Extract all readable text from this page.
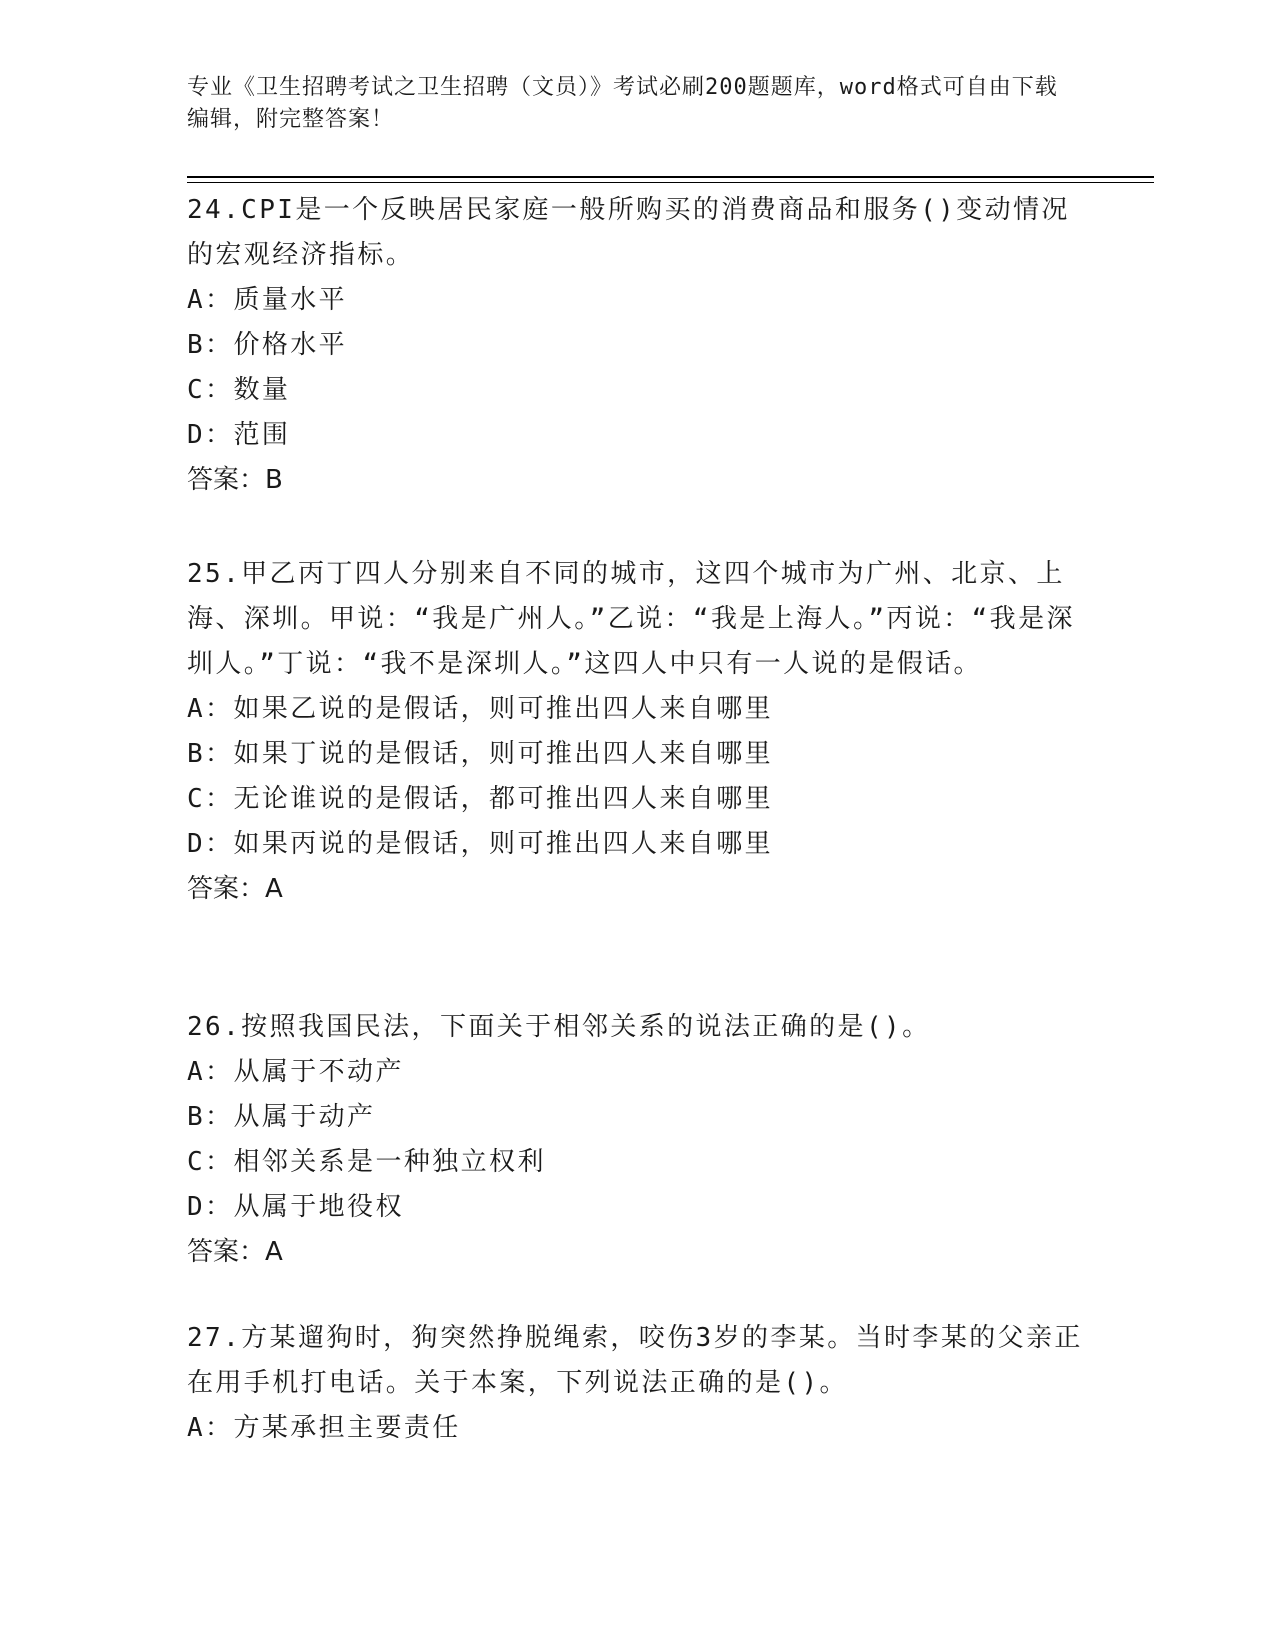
专业《卫生招聘考试之卫生招聘（文员）》考试必刷200题题库，word格式可自由下载编辑，附完整答案！

24.CPI是一个反映居民家庭一般所购买的消费商品和服务()变动情况的宏观经济指标。

A：质量水平

B：价格水平

C：数量

D：范围

答案：B

25.甲乙丙丁四人分别来自不同的城市，这四个城市为广州、北京、上海、深圳。甲说：“我是广州人。”乙说：“我是上海人。”丙说：“我是深圳人。”丁说：“我不是深圳人。”这四人中只有一人说的是假话。

A：如果乙说的是假话，则可推出四人来自哪里

B：如果丁说的是假话，则可推出四人来自哪里

C：无论谁说的是假话，都可推出四人来自哪里

D：如果丙说的是假话，则可推出四人来自哪里

答案：A

26.按照我国民法，下面关于相邻关系的说法正确的是()。

A：从属于不动产

B：从属于动产

C：相邻关系是一种独立权利

D：从属于地役权

答案：A

27.方某遛狗时，狗突然挣脱绳索，咬伤3岁的李某。当时李某的父亲正在用手机打电话。关于本案，下列说法正确的是()。

A：方某承担主要责任
